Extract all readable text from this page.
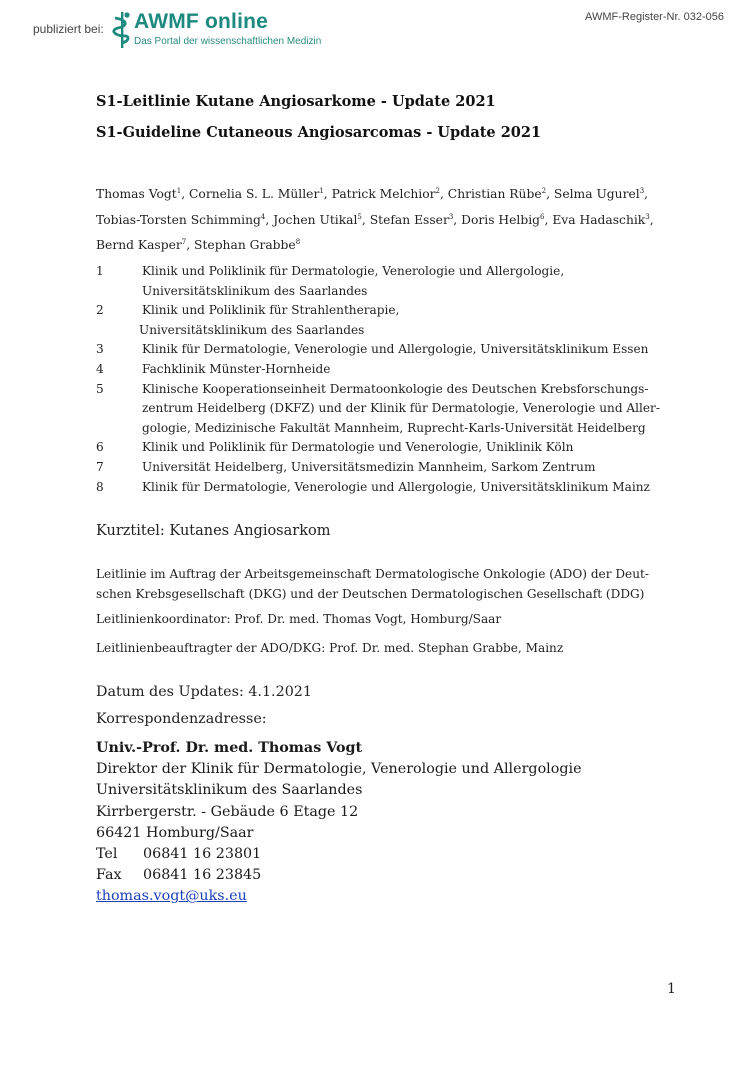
publiziert bei: AWMF online
Das Portal der wissenschaftlichen Medizin
AWMF-Register-Nr. 032-056
S1-Leitlinie Kutane Angiosarkome - Update 2021
S1-Guideline Cutaneous Angiosarcomas - Update 2021
Thomas Vogt$^1$, Cornelia S. L. Müller$^1$, Patrick Melchior$^2$, Christian Rübe$^2$, Selma Ugurel$^3$,
Tobias-Torsten Schimming$^4$, Jochen Utikal$^5$, Stefan Esser$^3$, Doris Helbig$^6$, Eva Hadaschik$^3$,
Bernd Kasper$^7$, Stephan Grabbe$^8$
1	Klinik und Poliklinik für Dermatologie, Venerologie und Allergologie,
Universitätsklinikum des Saarlandes
2	Klinik und Poliklinik für Strahlentherapie,
Universitätsklinikum des Saarlandes
3	Klinik für Dermatologie, Venerologie und Allergologie, Universitätsklinikum Essen
4	Fachklinik Münster-Hornheide
5	Klinische Kooperationseinheit Dermatoonkologie des Deutschen Krebsforschungs-
zentrum Heidelberg (DKFZ) und der Klinik für Dermatologie, Venerologie und Aller-
gologie, Medizinische Fakultät Mannheim, Ruprecht-Karls-Universität Heidelberg
6	Klinik und Poliklinik für Dermatologie und Venerologie, Uniklinik Köln
7	Universität Heidelberg, Universitätsmedizin Mannheim, Sarkom Zentrum
8	Klinik für Dermatologie, Venerologie und Allergologie, Universitätsklinikum Mainz
Kurztitel: Kutanes Angiosarkom
Leitlinie im Auftrag der Arbeitsgemeinschaft Dermatologische Onkologie (ADO) der Deut-
schen Krebsgesellschaft (DKG) und der Deutschen Dermatologischen Gesellschaft (DDG)
Leitlinienkoordinator: Prof. Dr. med. Thomas Vogt, Homburg/Saar
Leitlinienbeauftragter der ADO/DKG: Prof. Dr. med. Stephan Grabbe, Mainz
Datum des Updates: 4.1.2021
Korrespondenzadresse:
Univ.-Prof. Dr. med. Thomas Vogt
Direktor der Klinik für Dermatologie, Venerologie und Allergologie
Universitätsklinikum des Saarlandes
Kirrbergerstr. - Gebäude 6 Etage 12
66421 Homburg/Saar
Tel	06841 16 23801
Fax	06841 16 23845
thomas.vogt@uks.eu
1
